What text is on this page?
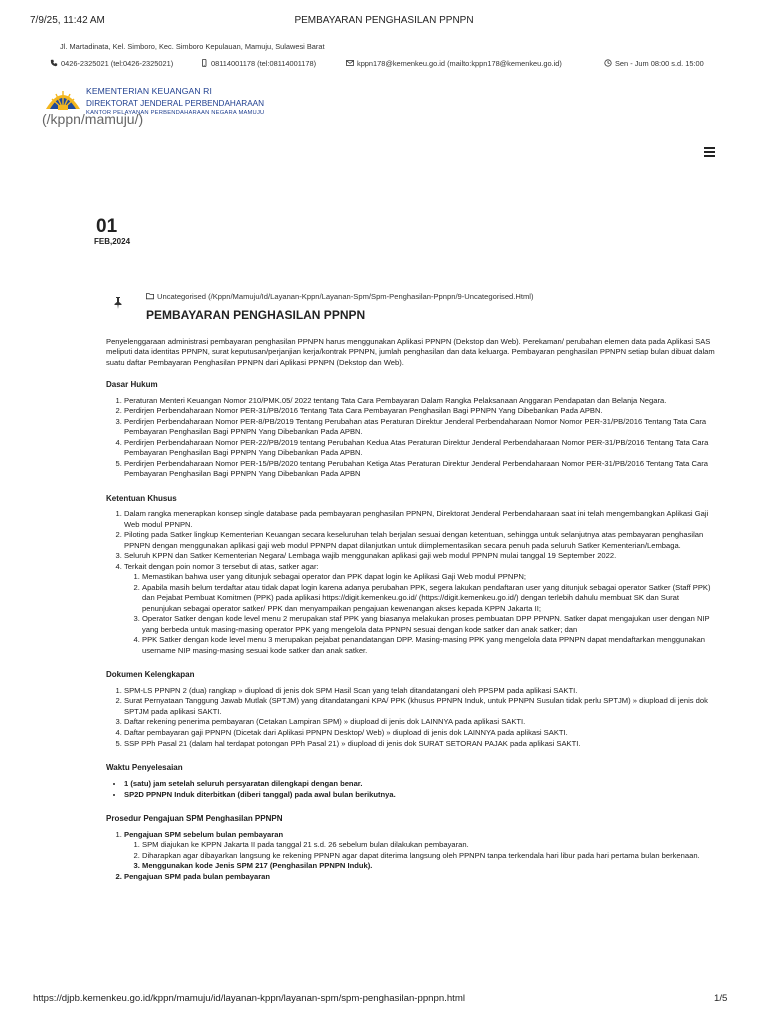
7/9/25, 11:42 AM	PEMBAYARAN PENGHASILAN PPNPN
Jl. Martadinata, Kel. Simboro, Kec. Simboro Kepulauan, Mamuju, Sulawesi Barat
0426-2325021 (tel:0426-2325021)	08114001178 (tel:08114001178)	kppn178@kemenkeu.go.id (mailto:kppn178@kemenkeu.go.id)	Sen - Jum 08:00 s.d. 15:00
KEMENTERIAN KEUANGAN RI
DIREKTORAT JENDERAL PERBENDAHARAAN
KANTOR PELAYANAN PERBENDAHARAAN NEGARA MAMUJU
(/kppn/mamuju/)
01
FEB,2024
Uncategorised (/Kppn/Mamuju/Id/Layanan-Kppn/Layanan-Spm/Spm-Penghasilan-Ppnpn/9-Uncategorised.Html)
PEMBAYARAN PENGHASILAN PPNPN

Penyelenggaraan administrasi pembayaran penghasilan PPNPN harus menggunakan Aplikasi PPNPN (Dekstop dan Web). Perekaman/ perubahan elemen data pada Aplikasi SAS meliputi data identitas PPNPN, surat keputusan/perjanjian kerja/kontrak PPNPN, jumlah penghasilan dan data keluarga. Pembayaran penghasilan PPNPN setiap bulan dibuat dalam suatu daftar Pembayaran Penghasilan PPNPN dari Aplikasi PPNPN (Dekstop dan Web).

Dasar Hukum
1. Peraturan Menteri Keuangan Nomor 210/PMK.05/ 2022 tentang Tata Cara Pembayaran Dalam Rangka Pelaksanaan Anggaran Pendapatan dan Belanja Negara.
2. Perdirjen Perbendaharaan Nomor PER-31/PB/2016 Tentang Tata Cara Pembayaran Penghasilan Bagi PPNPN Yang Dibebankan Pada APBN.
3. Perdirjen Perbendaharaan Nomor PER-8/PB/2019 Tentang Perubahan atas Peraturan Direktur Jenderal Perbendaharaan Nomor Nomor PER-31/PB/2016 Tentang Tata Cara Pembayaran Penghasilan Bagi PPNPN Yang Dibebankan Pada APBN.
4. Perdirjen Perbendaharaan Nomor PER-22/PB/2019 tentang Perubahan Kedua Atas Peraturan Direktur Jenderal Perbendaharaan Nomor PER-31/PB/2016 Tentang Tata Cara Pembayaran Penghasilan Bagi PPNPN Yang Dibebankan Pada APBN.
5. Perdirjen Perbendaharaan Nomor PER-15/PB/2020 tentang Perubahan Ketiga Atas Peraturan Direktur Jenderal Perbendaharaan Nomor PER-31/PB/2016 Tentang Tata Cara Pembayaran Penghasilan Bagi PPNPN Yang Dibebankan Pada APBN
Ketentuan Khusus
1. Dalam rangka menerapkan konsep single database pada pembayaran penghasilan PPNPN, Direktorat Jenderal Perbendaharaan saat ini telah mengembangkan Aplikasi Gaji Web modul PPNPN.
2. Piloting pada Satker lingkup Kementerian Keuangan secara keseluruhan telah berjalan sesuai dengan ketentuan, sehingga untuk selanjutnya atas pembayaran penghasilan PPNPN dengan menggunakan aplikasi gaji web modul PPNPN dapat dilanjutkan untuk diimplementasikan secara penuh pada seluruh Satker Kementerian/Lembaga.
3. Seluruh KPPN dan Satker Kementerian Negara/ Lembaga wajib menggunakan aplikasi gaji web modul PPNPN mulai tanggal 19 September 2022.
4. Terkait dengan poin nomor 3 tersebut di atas, satker agar:
1. Memastikan bahwa user yang ditunjuk sebagai operator dan PPK dapat login ke Aplikasi Gaji Web modul PPNPN;
2. Apabila masih belum terdaftar atau tidak dapat login karena adanya perubahan PPK, segera lakukan pendaftaran user yang ditunjuk sebagai operator Satker (Staff PPK) dan Pejabat Pembuat Komitmen (PPK) pada aplikasi https://digit.kemenkeu.go.id/ (https://digit.kemenkeu.go.id/) dengan terlebih dahulu membuat SK dan Surat penunjukan sebagai operator satker/ PPK dan menyampaikan pengajuan kewenangan akses kepada KPPN Jakarta II;
3. Operator Satker dengan kode level menu 2 merupakan staf PPK yang biasanya melakukan proses pembuatan DPP PPNPN. Satker dapat mengajukan user dengan NIP yang berbeda untuk masing-masing operator PPK yang mengelola data PPNPN sesuai dengan kode satker dan anak satker; dan
4. PPK Satker dengan kode level menu 3 merupakan pejabat penandatangan DPP. Masing-masing PPK yang mengelola data PPNPN dapat mendaftarkan menggunakan username NIP masing-masing sesuai kode satker dan anak satker.
Dokumen Kelengkapan
1. SPM-LS PPNPN 2 (dua) rangkap » diupload di jenis dok SPM Hasil Scan yang telah ditandatangani oleh PPSPM pada aplikasi SAKTI.
2. Surat Pernyataan Tanggung Jawab Mutlak (SPTJM) yang ditandatangani KPA/ PPK (khusus PPNPN Induk, untuk PPNPN Susulan tidak perlu SPTJM) » diupload di jenis dok SPTJM pada aplikasi SAKTI.
3. Daftar rekening penerima pembayaran (Cetakan Lampiran SPM) » diupload di jenis dok LAINNYA pada aplikasi SAKTI.
4. Daftar pembayaran gaji PPNPN (Dicetak dari Aplikasi PPNPN Desktop/ Web) » diupload di jenis dok LAINNYA pada aplikasi SAKTI.
5. SSP PPh Pasal 21 (dalam hal terdapat potongan PPh Pasal 21) » diupload di jenis dok SURAT SETORAN PAJAK pada aplikasi SAKTI.
Waktu Penyelesaian
• 1 (satu) jam setelah seluruh persyaratan dilengkapi dengan benar.
• SP2D PPNPN Induk diterbitkan (diberi tanggal) pada awal bulan berikutnya.
Prosedur Pengajuan SPM Penghasilan PPNPN
1. Pengajuan SPM sebelum bulan pembayaran
1. SPM diajukan ke KPPN Jakarta II pada tanggal 21 s.d. 26 sebelum bulan dilakukan pembayaran.
2. Diharapkan agar dibayarkan langsung ke rekening PPNPN agar dapat diterima langsung oleh PPNPN tanpa terkendala hari libur pada hari pertama bulan berkenaan.
3. Menggunakan kode Jenis SPM 217 (Penghasilan PPNPN Induk).
2. Pengajuan SPM pada bulan pembayaran
https://djpb.kemenkeu.go.id/kppn/mamuju/id/layanan-kppn/layanan-spm/spm-penghasilan-ppnpn.html	1/5
